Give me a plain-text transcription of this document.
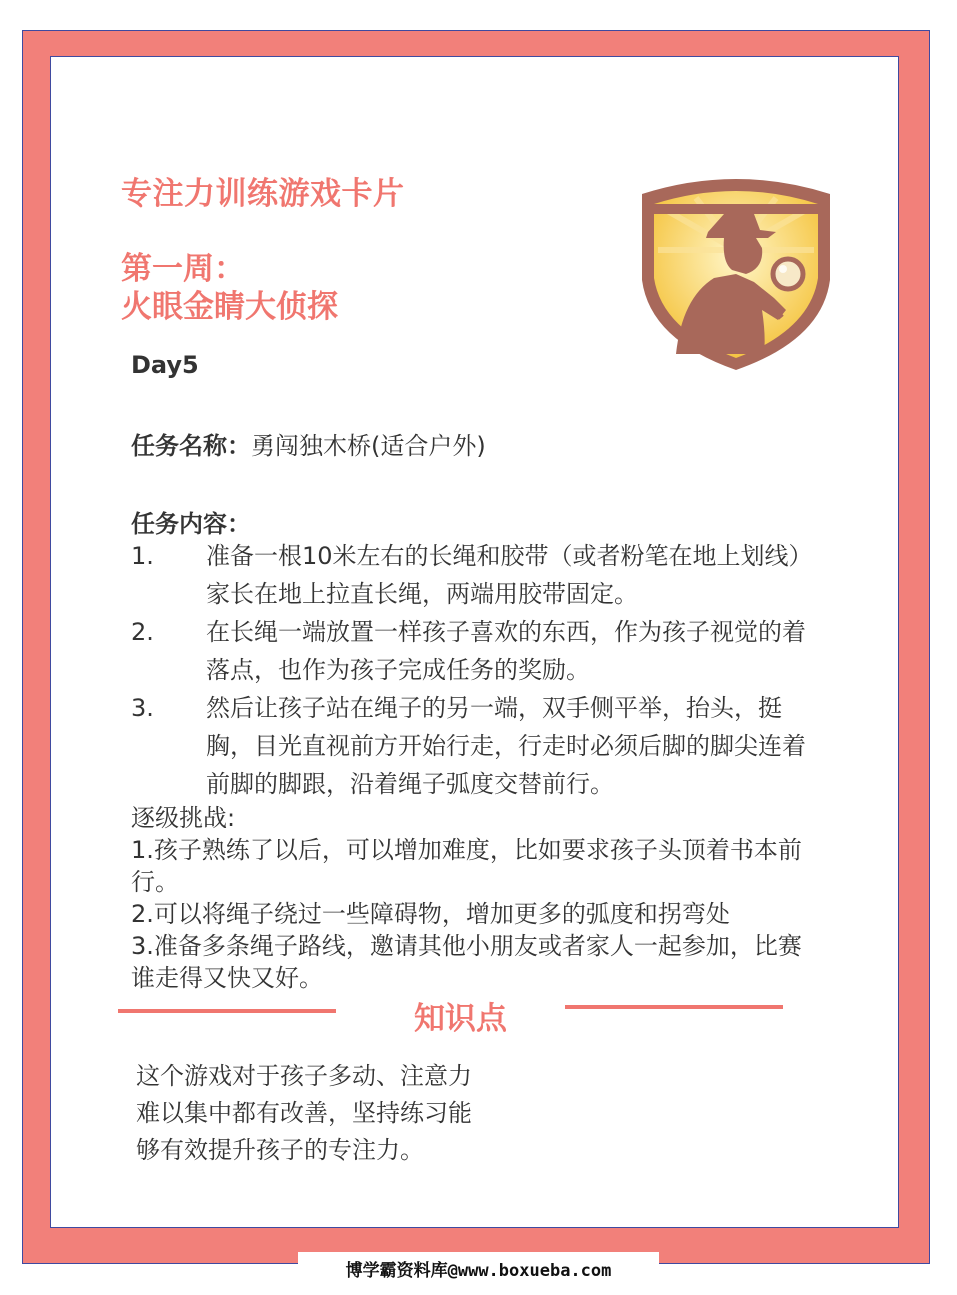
专注力训练游戏卡片
第一周：
火眼金睛大侦探
Day5
任务名称：勇闯独木桥(适合户外)
任务内容：
1.	准备一根10米左右的长绳和胶带（或者粉笔在地上划线）家长在地上拉直长绳，两端用胶带固定。
2.	在长绳一端放置一样孩子喜欢的东西，作为孩子视觉的着落点，也作为孩子完成任务的奖励。
3.	然后让孩子站在绳子的另一端，双手侧平举，抬头，挺胸，目光直视前方开始行走，行走时必须后脚的脚尖连着前脚的脚跟，沿着绳子弧度交替前行。
逐级挑战:
1.孩子熟练了以后，可以增加难度，比如要求孩子头顶着书本前行。
2.可以将绳子绕过一些障碍物，增加更多的弧度和拐弯处
3.准备多条绳子路线，邀请其他小朋友或者家人一起参加，比赛谁走得又快又好。
知识点
这个游戏对于孩子多动、注意力
难以集中都有改善，坚持练习能
够有效提升孩子的专注力。
博学霸资料库@www.boxueba.com
